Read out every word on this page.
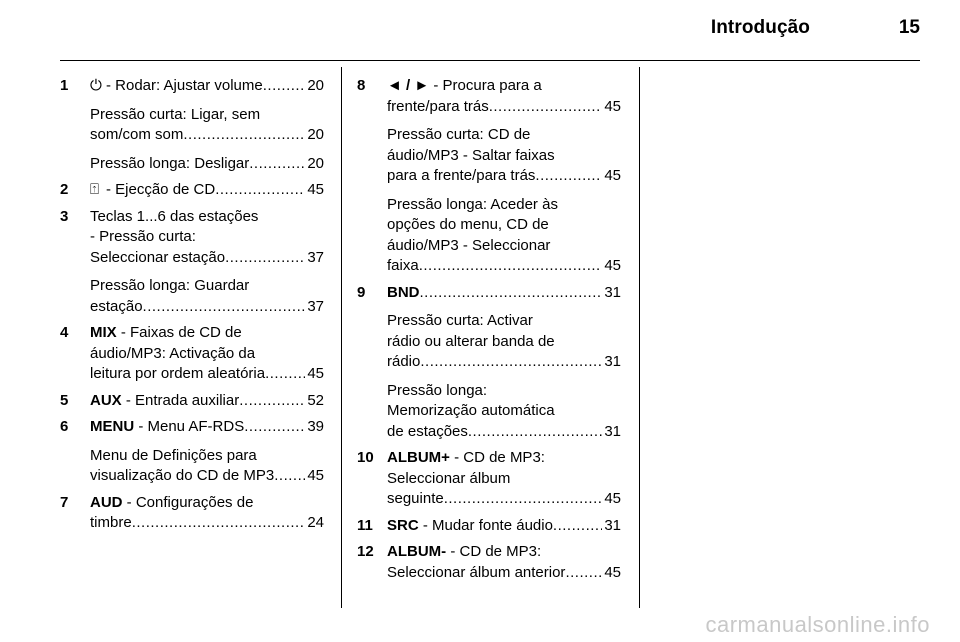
Introdução	15
1 ⏻ - Rodar: Ajustar volume .....	20
Pressão curta: Ligar, sem
som/com som .....	20
Pressão longa: Desligar .....	20
2 ⍐ - Ejecção de CD .....	45
3 Teclas 1...6 das estações
- Pressão curta:
Seleccionar estação .....	37
Pressão longa: Guardar
estação .....	37
4 MIX - Faixas de CD de
áudio/MP3: Activação da
leitura por ordem aleatória .....	45
5 AUX - Entrada auxiliar .....	52
6 MENU - Menu AF-RDS .....	39
Menu de Definições para
visualização do CD de MP3 ..... 45
7 AUD - Configurações de
timbre .....	24
8 ◄ / ► - Procura para a
frente/para trás .....	45
Pressão curta: CD de
áudio/MP3 - Saltar faixas
para a frente/para trás .....	45
Pressão longa: Aceder às
opções do menu, CD de
áudio/MP3 - Seleccionar
faixa .....	45
9 BND .....	31
Pressão curta: Activar
rádio ou alterar banda de
rádio .....	31
Pressão longa:
Memorização automática
de estações .....	31
10 ALBUM+ - CD de MP3:
Seleccionar álbum
seguinte .....	45
11 SRC - Mudar fonte áudio .....	31
12 ALBUM- - CD de MP3:
Seleccionar álbum anterior .....	45
carmanualsonline.info
